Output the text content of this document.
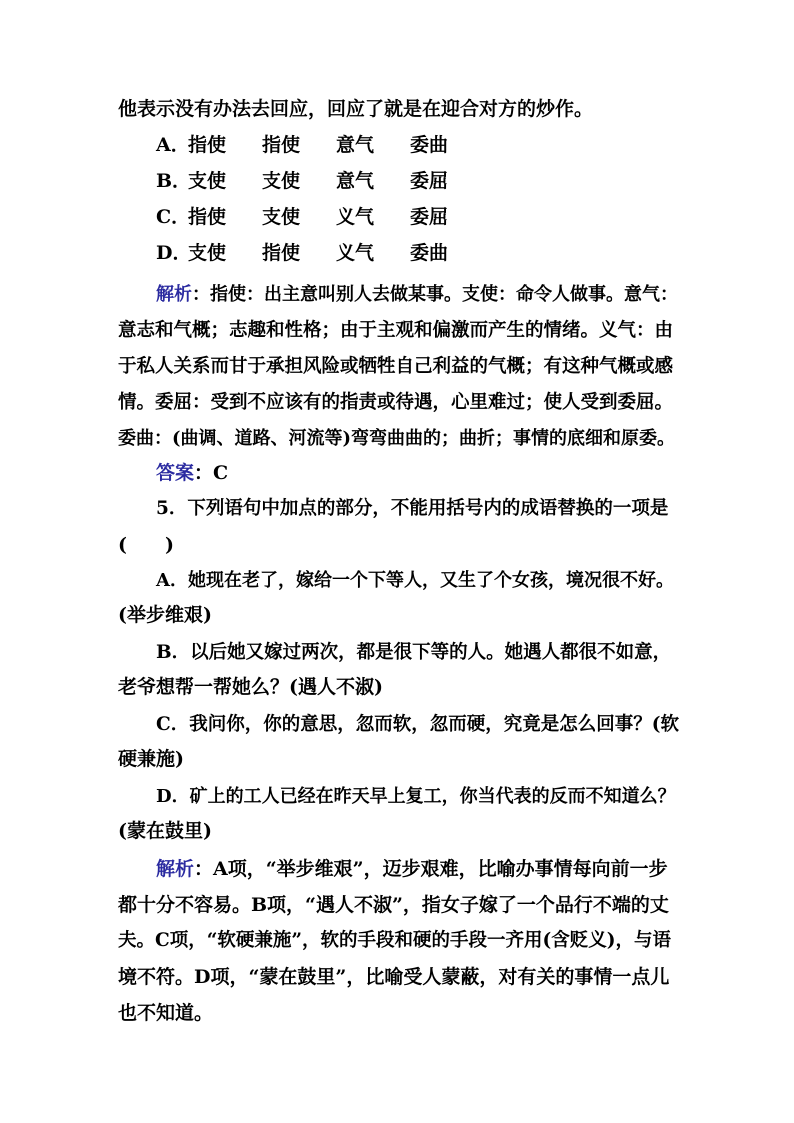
他表示没有办法去回应，回应了就是在迎合对方的炒作。
A．
指使 指使 意气 委曲
B．
支使 支使 意气 委屈
C．
指使 支使 义气 委屈
D．
支使 指使 义气 委曲
解析：指使：出主意叫别人去做某事。支使：命令人做事。意气：
意志和气概；志趣和性格；由于主观和偏激而产生的情绪。义气：由
于私人关系而甘于承担风险或牺牲自己利益的气概；有这种气概或感
情。委屈：受到不应该有的指责或待遇，心里难过；使人受到委屈。
委曲：(曲调、道路、河流等)弯弯曲曲的；曲折；事情的底细和原委。
答案：C
5．下列语句中加点的部分，不能用括号内的成语替换的一项是
(　　)
A．她现在老了，嫁给一个下等人，又生了个女孩，境况很不好。
(举步维艰)
B．以后她又嫁过两次，都是很下等的人。她遇人都很不如意，
老爷想帮一帮她么？(遇人不淑)
C．我问你，你的意思，忽而软，忽而硬，究竟是怎么回事？(软
硬兼施)
D．矿上的工人已经在昨天早上复工，你当代表的反而不知道么？
(蒙在鼓里)
解析：A项，“举步维艰”，迈步艰难，比喻办事情每向前一步
都十分不容易。B项，“遇人不淑”，指女子嫁了一个品行不端的丈
夫。C项，“软硬兼施”，软的手段和硬的手段一齐用(含贬义)，与语
境不符。D项，“蒙在鼓里”，比喻受人蒙蔽，对有关的事情一点儿
也不知道。
